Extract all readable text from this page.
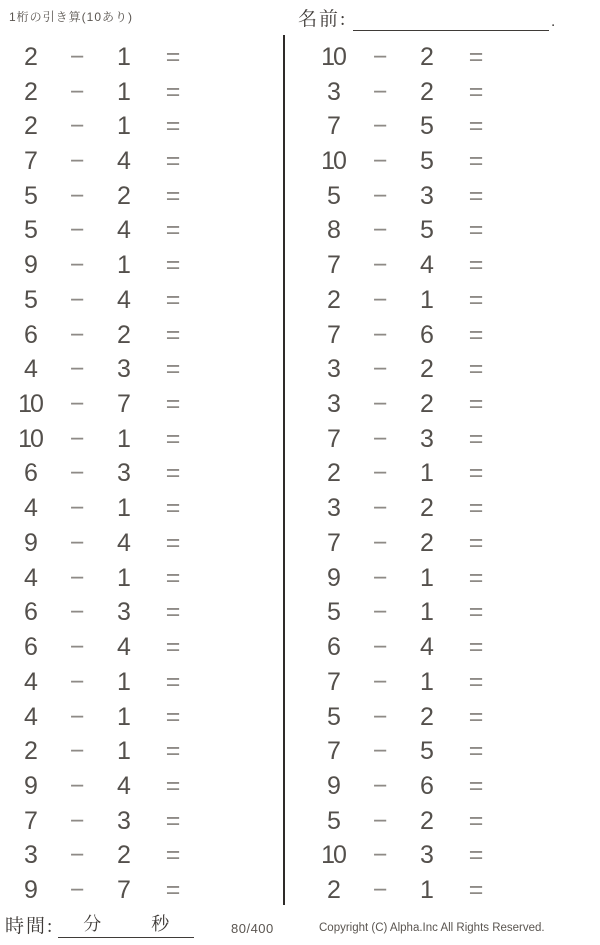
1桁の引き算(10あり)	名前:	.
2	−	1	=
2	−	1	=
2	−	1	=
7	−	4	=
5	−	2	=
5	−	4	=
9	−	1	=
5	−	4	=
6	−	2	=
4	−	3	=
10	−	7	=
10	−	1	=
6	−	3	=
4	−	1	=
9	−	4	=
4	−	1	=
6	−	3	=
6	−	4	=
4	−	1	=
4	−	1	=
2	−	1	=
9	−	4	=
7	−	3	=
3	−	2	=
9	−	7	=
10	−	2	=
3	−	2	=
7	−	5	=
10	−	5	=
5	−	3	=
8	−	5	=
7	−	4	=
2	−	1	=
7	−	6	=
3	−	2	=
3	−	2	=
7	−	3	=
2	−	1	=
3	−	2	=
7	−	2	=
9	−	1	=
5	−	1	=
6	−	4	=
7	−	1	=
5	−	2	=
7	−	5	=
9	−	6	=
5	−	2	=
10	−	3	=
2	−	1	=
時間:	分	秒	80/400	Copyright (C) Alpha.Inc All Rights Reserved.
